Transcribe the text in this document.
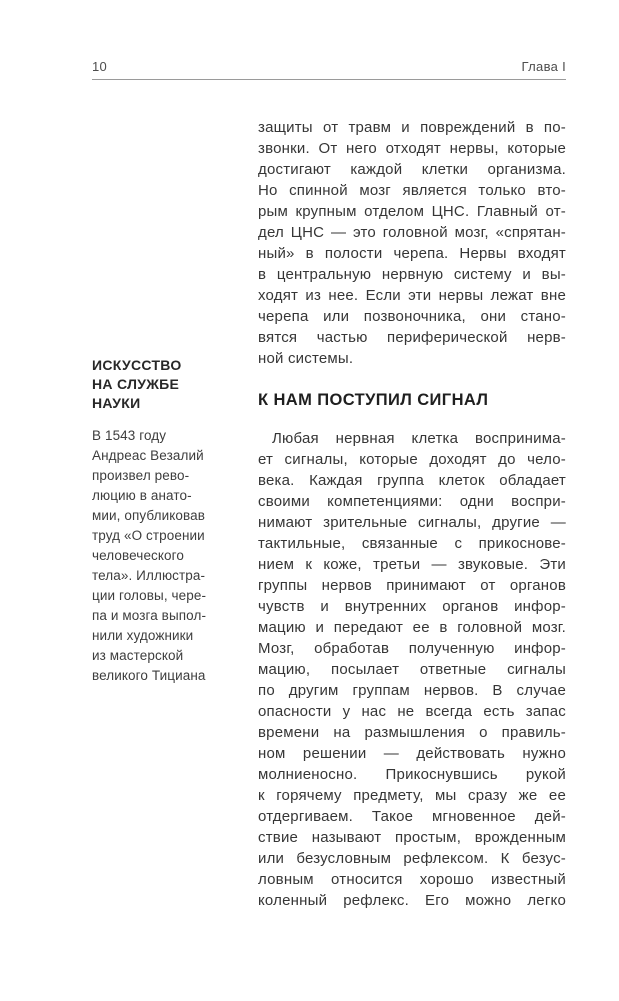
10	Глава I
ИСКУССТВО
НА СЛУЖБЕ
НАУКИ
В 1543 году
Андреас Везалий
произвел рево-
люцию в анато-
мии, опубликовав
труд «О строении
человеческого
тела». Иллюстра-
ции головы, чере-
па и мозга выпол-
нили художники
из мастерской
великого Тициана
защиты от травм и повреждений в по-
звонки. От него отходят нервы, которые
достигают каждой клетки организма.
Но спинной мозг является только вто-
рым крупным отделом ЦНС. Главный от-
дел ЦНС — это головной мозг, «спрятан-
ный» в полости черепа. Нервы входят
в центральную нервную систему и вы-
ходят из нее. Если эти нервы лежат вне
черепа или позвоночника, они стано-
вятся частью периферической нерв-
ной системы.
К НАМ ПОСТУПИЛ СИГНАЛ
Любая нервная клетка воспринима-
ет сигналы, которые доходят до чело-
века. Каждая группа клеток обладает
своими компетенциями: одни воспри-
нимают зрительные сигналы, другие —
тактильные, связанные с прикоснове-
нием к коже, третьи — звуковые. Эти
группы нервов принимают от органов
чувств и внутренних органов инфор-
мацию и передают ее в головной мозг.
Мозг, обработав полученную инфор-
мацию, посылает ответные сигналы
по другим группам нервов. В случае
опасности у нас не всегда есть запас
времени на размышления о правиль-
ном решении — действовать нужно
молниеносно. Прикоснувшись рукой
к горячему предмету, мы сразу же ее
отдергиваем. Такое мгновенное дей-
ствие называют простым, врожденным
или безусловным рефлексом. К безус-
ловным относится хорошо известный
коленный рефлекс. Его можно легко
